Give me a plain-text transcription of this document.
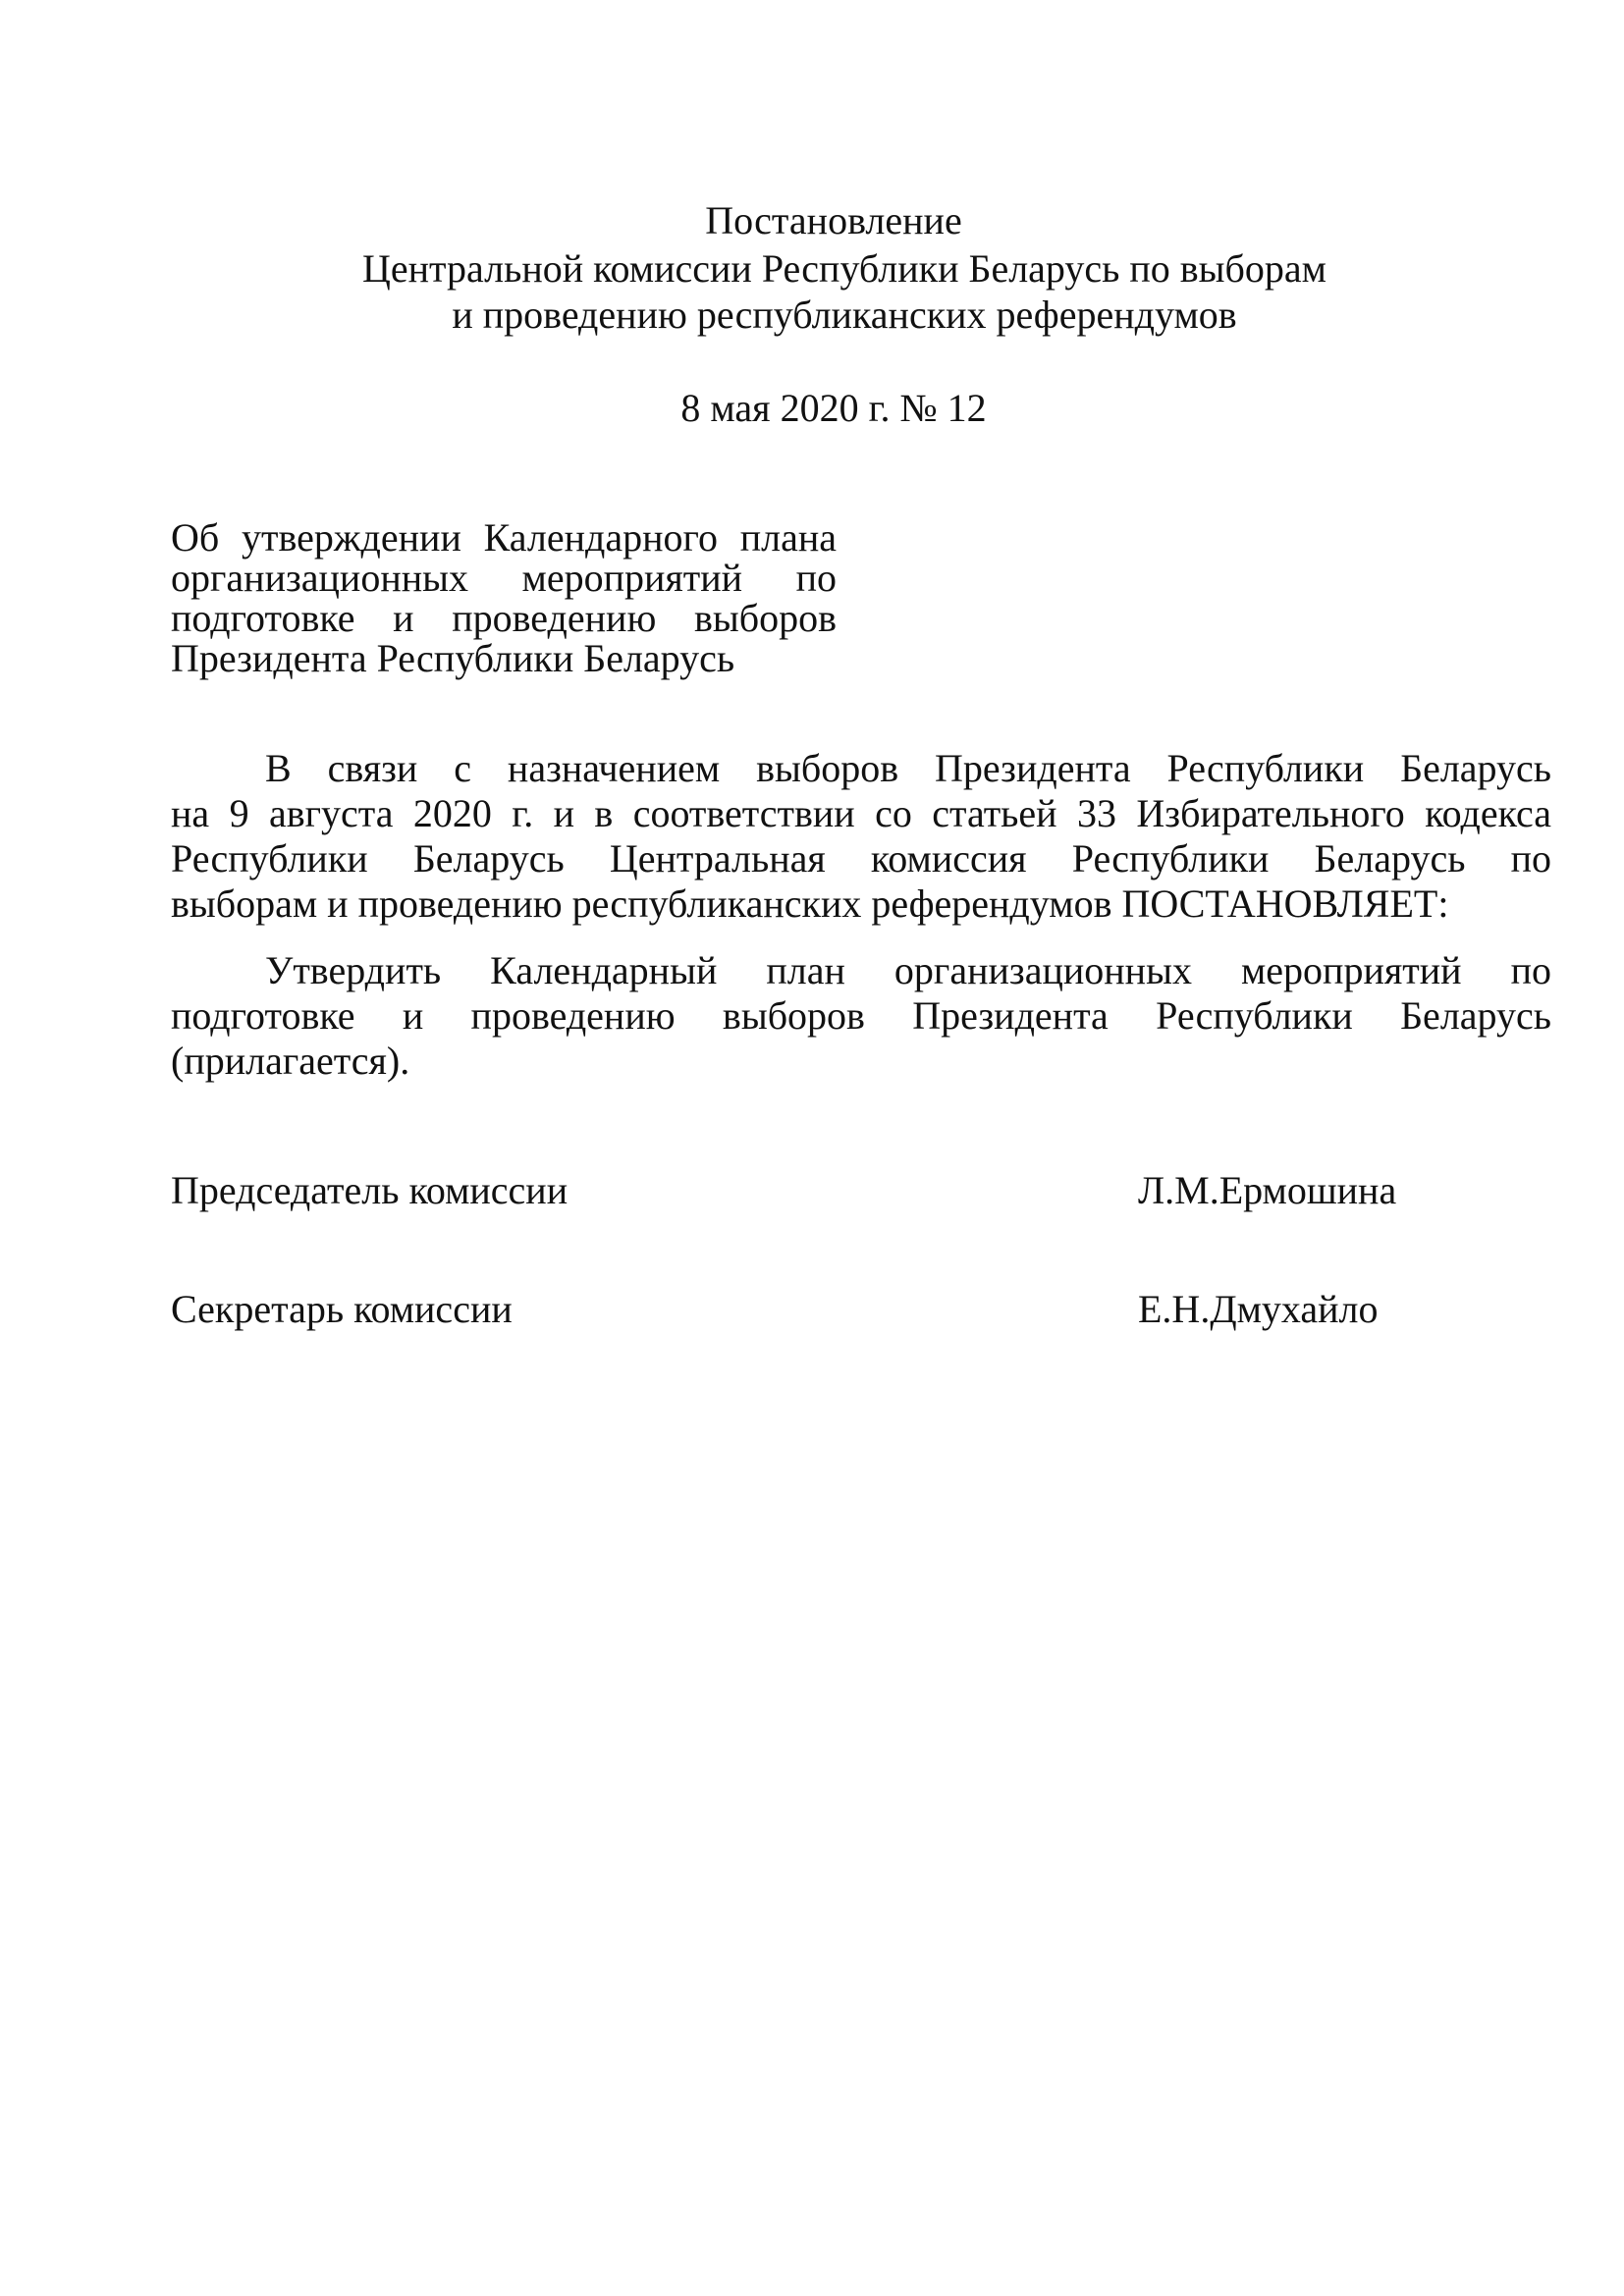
Постановление
Центральной комиссии Республики Беларусь по выборам
и проведению республиканских референдумов
8 мая 2020 г. № 12
Об утверждении Календарного плана
организационных мероприятий по
подготовке и проведению выборов
Президента Республики Беларусь
В связи с назначением выборов Президента Республики Беларусь
на 9 августа 2020 г. и в соответствии со статьей 33 Избирательного кодекса
Республики Беларусь Центральная комиссия Республики Беларусь по
выборам и проведению республиканских референдумов ПОСТАНОВЛЯЕТ:
Утвердить Календарный план организационных мероприятий по
подготовке и проведению выборов Президента Республики Беларусь
(прилагается).
Председатель комиссии	Л.М.Ермошина
Секретарь комиссии	Е.Н.Дмухайло
